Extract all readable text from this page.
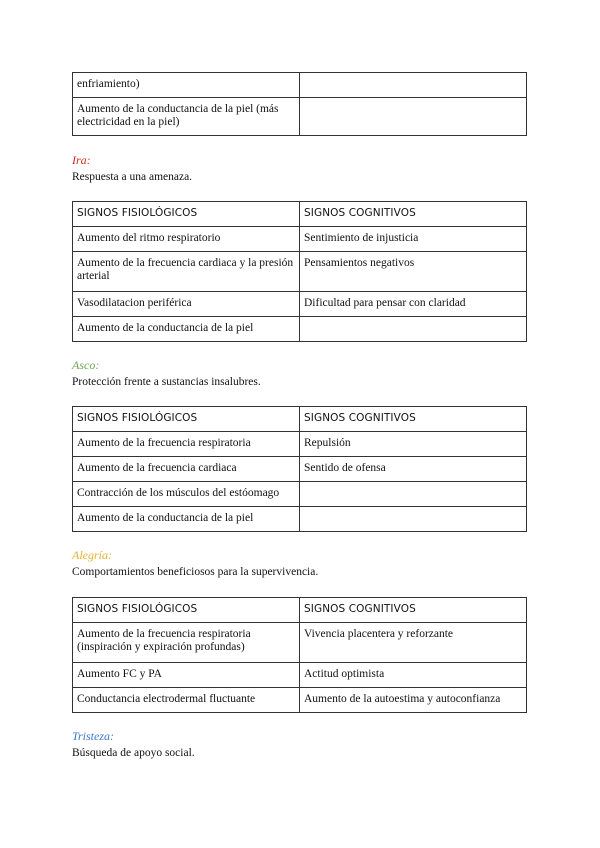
enfriamiento)	
Aumento de la conductancia de la piel (más electricidad en la piel)	
Ira:
Respuesta a una amenaza.
SIGNOS FISIOLÓGICOS	SIGNOS COGNITIVOS
Aumento del ritmo respiratorio	Sentimiento de injusticia
Aumento de la frecuencia cardiaca y la presión arterial	Pensamientos negativos
Vasodilatacion periférica	Dificultad para pensar con claridad
Aumento de la conductancia de la piel	
Asco:
Protección frente a sustancias insalubres.
SIGNOS FISIOLÓGICOS	SIGNOS COGNITIVOS
Aumento de la frecuencia respiratoria	Repulsión
Aumento de la frecuencia cardiaca	Sentido de ofensa
Contracción de los músculos del estóomago	
Aumento de la conductancia de la piel	
Alegría:
Comportamientos beneficiosos para la supervivencia.
SIGNOS FISIOLÓGICOS	SIGNOS COGNITIVOS
Aumento de la frecuencia respiratoria (inspiración y expiración profundas)	Vivencia placentera y reforzante
Aumento FC y PA	Actitud optimista
Conductancia electrodermal fluctuante	Aumento de la autoestima y autoconfianza
Tristeza:
Búsqueda de apoyo social.
